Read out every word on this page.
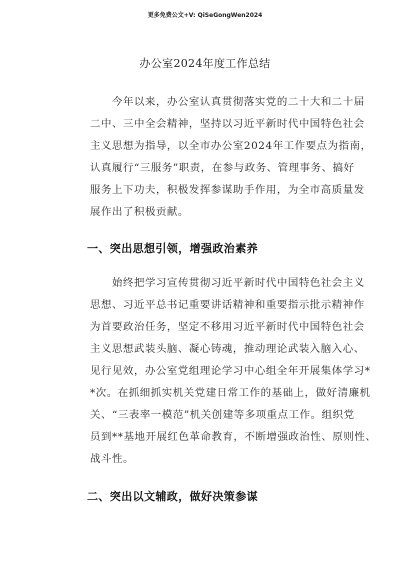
更多免费公文+V: QiSeGongWen2024
办公室2024年度工作总结
今年以来，办公室认真贯彻落实党的二十大和二十届
二中、三中全会精神，坚持以习近平新时代中国特色社会
主义思想为指导，以全市办公室2024年工作要点为指南，
认真履行“三服务”职责，在参与政务、管理事务、搞好
服务上下功夫，积极发挥参谋助手作用，为全市高质量发
展作出了积极贡献。
一、突出思想引领，增强政治素养
始终把学习宣传贯彻习近平新时代中国特色社会主义
思想、习近平总书记重要讲话精神和重要指示批示精神作
为首要政治任务，坚定不移用习近平新时代中国特色社会
主义思想武装头脑、凝心铸魂，推动理论武装入脑入心、
见行见效，办公室党组理论学习中心组全年开展集体学习*
*次。在抓细抓实机关党建日常工作的基础上，做好清廉机
关、“三表率一模范”机关创建等多项重点工作。组织党
员到**基地开展红色革命教育，不断增强政治性、原则性、
战斗性。
二、突出以文辅政，做好决策参谋
